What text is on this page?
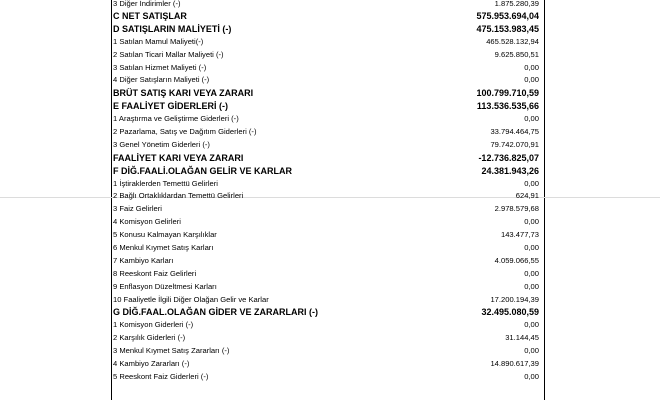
3 Diğer İndirimler (-)	1.875.280,39
C NET SATIŞLAR	575.953.694,04
D SATIŞLARIN MALİYETİ (-)	475.153.983,45
1 Satılan Mamul Maliyeti(-)	465.528.132,94
2 Satılan Ticari Mallar Maliyeti (-)	9.625.850,51
3 Satılan Hizmet Maliyeti (-)	0,00
4 Diğer Satışların Maliyeti (-)	0,00
BRÜT SATIŞ KARI VEYA ZARARI	100.799.710,59
E FAALİYET GİDERLERİ (-)	113.536.535,66
1 Araştırma ve Geliştirme Giderleri (-)	0,00
2 Pazarlama, Satış ve Dağıtım Giderleri (-)	33.794.464,75
3 Genel Yönetim Giderleri (-)	79.742.070,91
FAALİYET KARI VEYA ZARARI	-12.736.825,07
F DİĞ.FAALİ.OLAĞAN GELİR VE KARLAR	24.381.943,26
1 İştiraklerden Temettü Gelirleri	0,00
2 Bağlı Ortaklıklardan Temettü Gelirleri	624,91
3 Faiz Gelirleri	2.978.579,68
4 Komisyon Gelirleri	0,00
5 Konusu Kalmayan Karşılıklar	143.477,73
6 Menkul Kıymet Satış Karları	0,00
7 Kambiyo Karları	4.059.066,55
8 Reeskont Faiz Gelirleri	0,00
9 Enflasyon Düzeltmesi Karları	0,00
10 Faaliyetle İlgili Diğer Olağan Gelir ve Karlar	17.200.194,39
G DİĞ.FAAL.OLAĞAN GİDER VE ZARARLARI (-)	32.495.080,59
1 Komisyon Giderleri (-)	0,00
2 Karşılık Giderleri (-)	31.144,45
3 Menkul Kıymet Satış Zararları (-)	0,00
4 Kambiyo Zararları (-)	14.890.617,39
5 Reeskont Faiz Giderleri (-)	0,00
